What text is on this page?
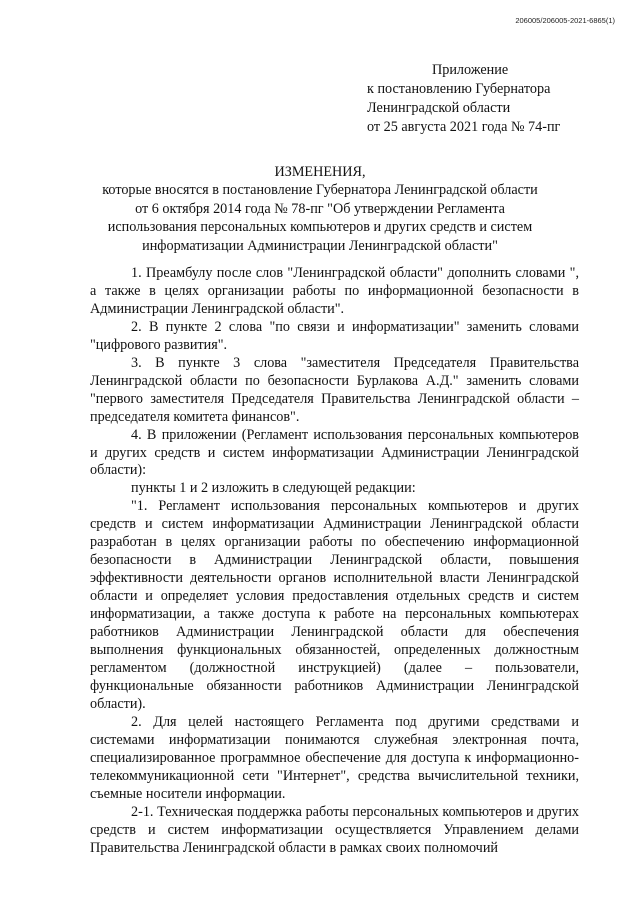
206005/206005-2021-6865(1)
Приложение
к постановлению Губернатора
Ленинградской области
от 25 августа 2021 года № 74-пг
ИЗМЕНЕНИЯ,
которые вносятся в постановление Губернатора Ленинградской области
от 6 октября 2014 года № 78-пг "Об утверждении Регламента
использования персональных компьютеров и других средств и систем
информатизации Администрации Ленинградской области"

1. Преамбулу после слов "Ленинградской области" дополнить словами ", а также в целях организации работы по информационной безопасности в Администрации Ленинградской области".

2. В пункте 2 слова "по связи и информатизации" заменить словами "цифрового развития".

3. В пункте 3 слова "заместителя Председателя Правительства Ленинградской области по безопасности Бурлакова А.Д." заменить словами "первого заместителя Председателя Правительства Ленинградской области – председателя комитета финансов".

4. В приложении (Регламент использования персональных компьютеров и других средств и систем информатизации Администрации Ленинградской области):

пункты 1 и 2 изложить в следующей редакции:

"1. Регламент использования персональных компьютеров и других средств и систем информатизации Администрации Ленинградской области разработан в целях организации работы по обеспечению информационной безопасности в Администрации Ленинградской области, повышения эффективности деятельности органов исполнительной власти Ленинградской области и определяет условия предоставления отдельных средств и систем информатизации, а также доступа к работе на персональных компьютерах работников Администрации Ленинградской области для обеспечения выполнения функциональных обязанностей, определенных должностным регламентом (должностной инструкцией) (далее – пользователи, функциональные обязанности работников Администрации Ленинградской области).

2. Для целей настоящего Регламента под другими средствами и системами информатизации понимаются служебная электронная почта, специализированное программное обеспечение для доступа к информационно-телекоммуникационной сети "Интернет", средства вычислительной техники, съемные носители информации.

2-1. Техническая поддержка работы персональных компьютеров и других средств и систем информатизации осуществляется Управлением делами Правительства Ленинградской области в рамках своих полномочий
